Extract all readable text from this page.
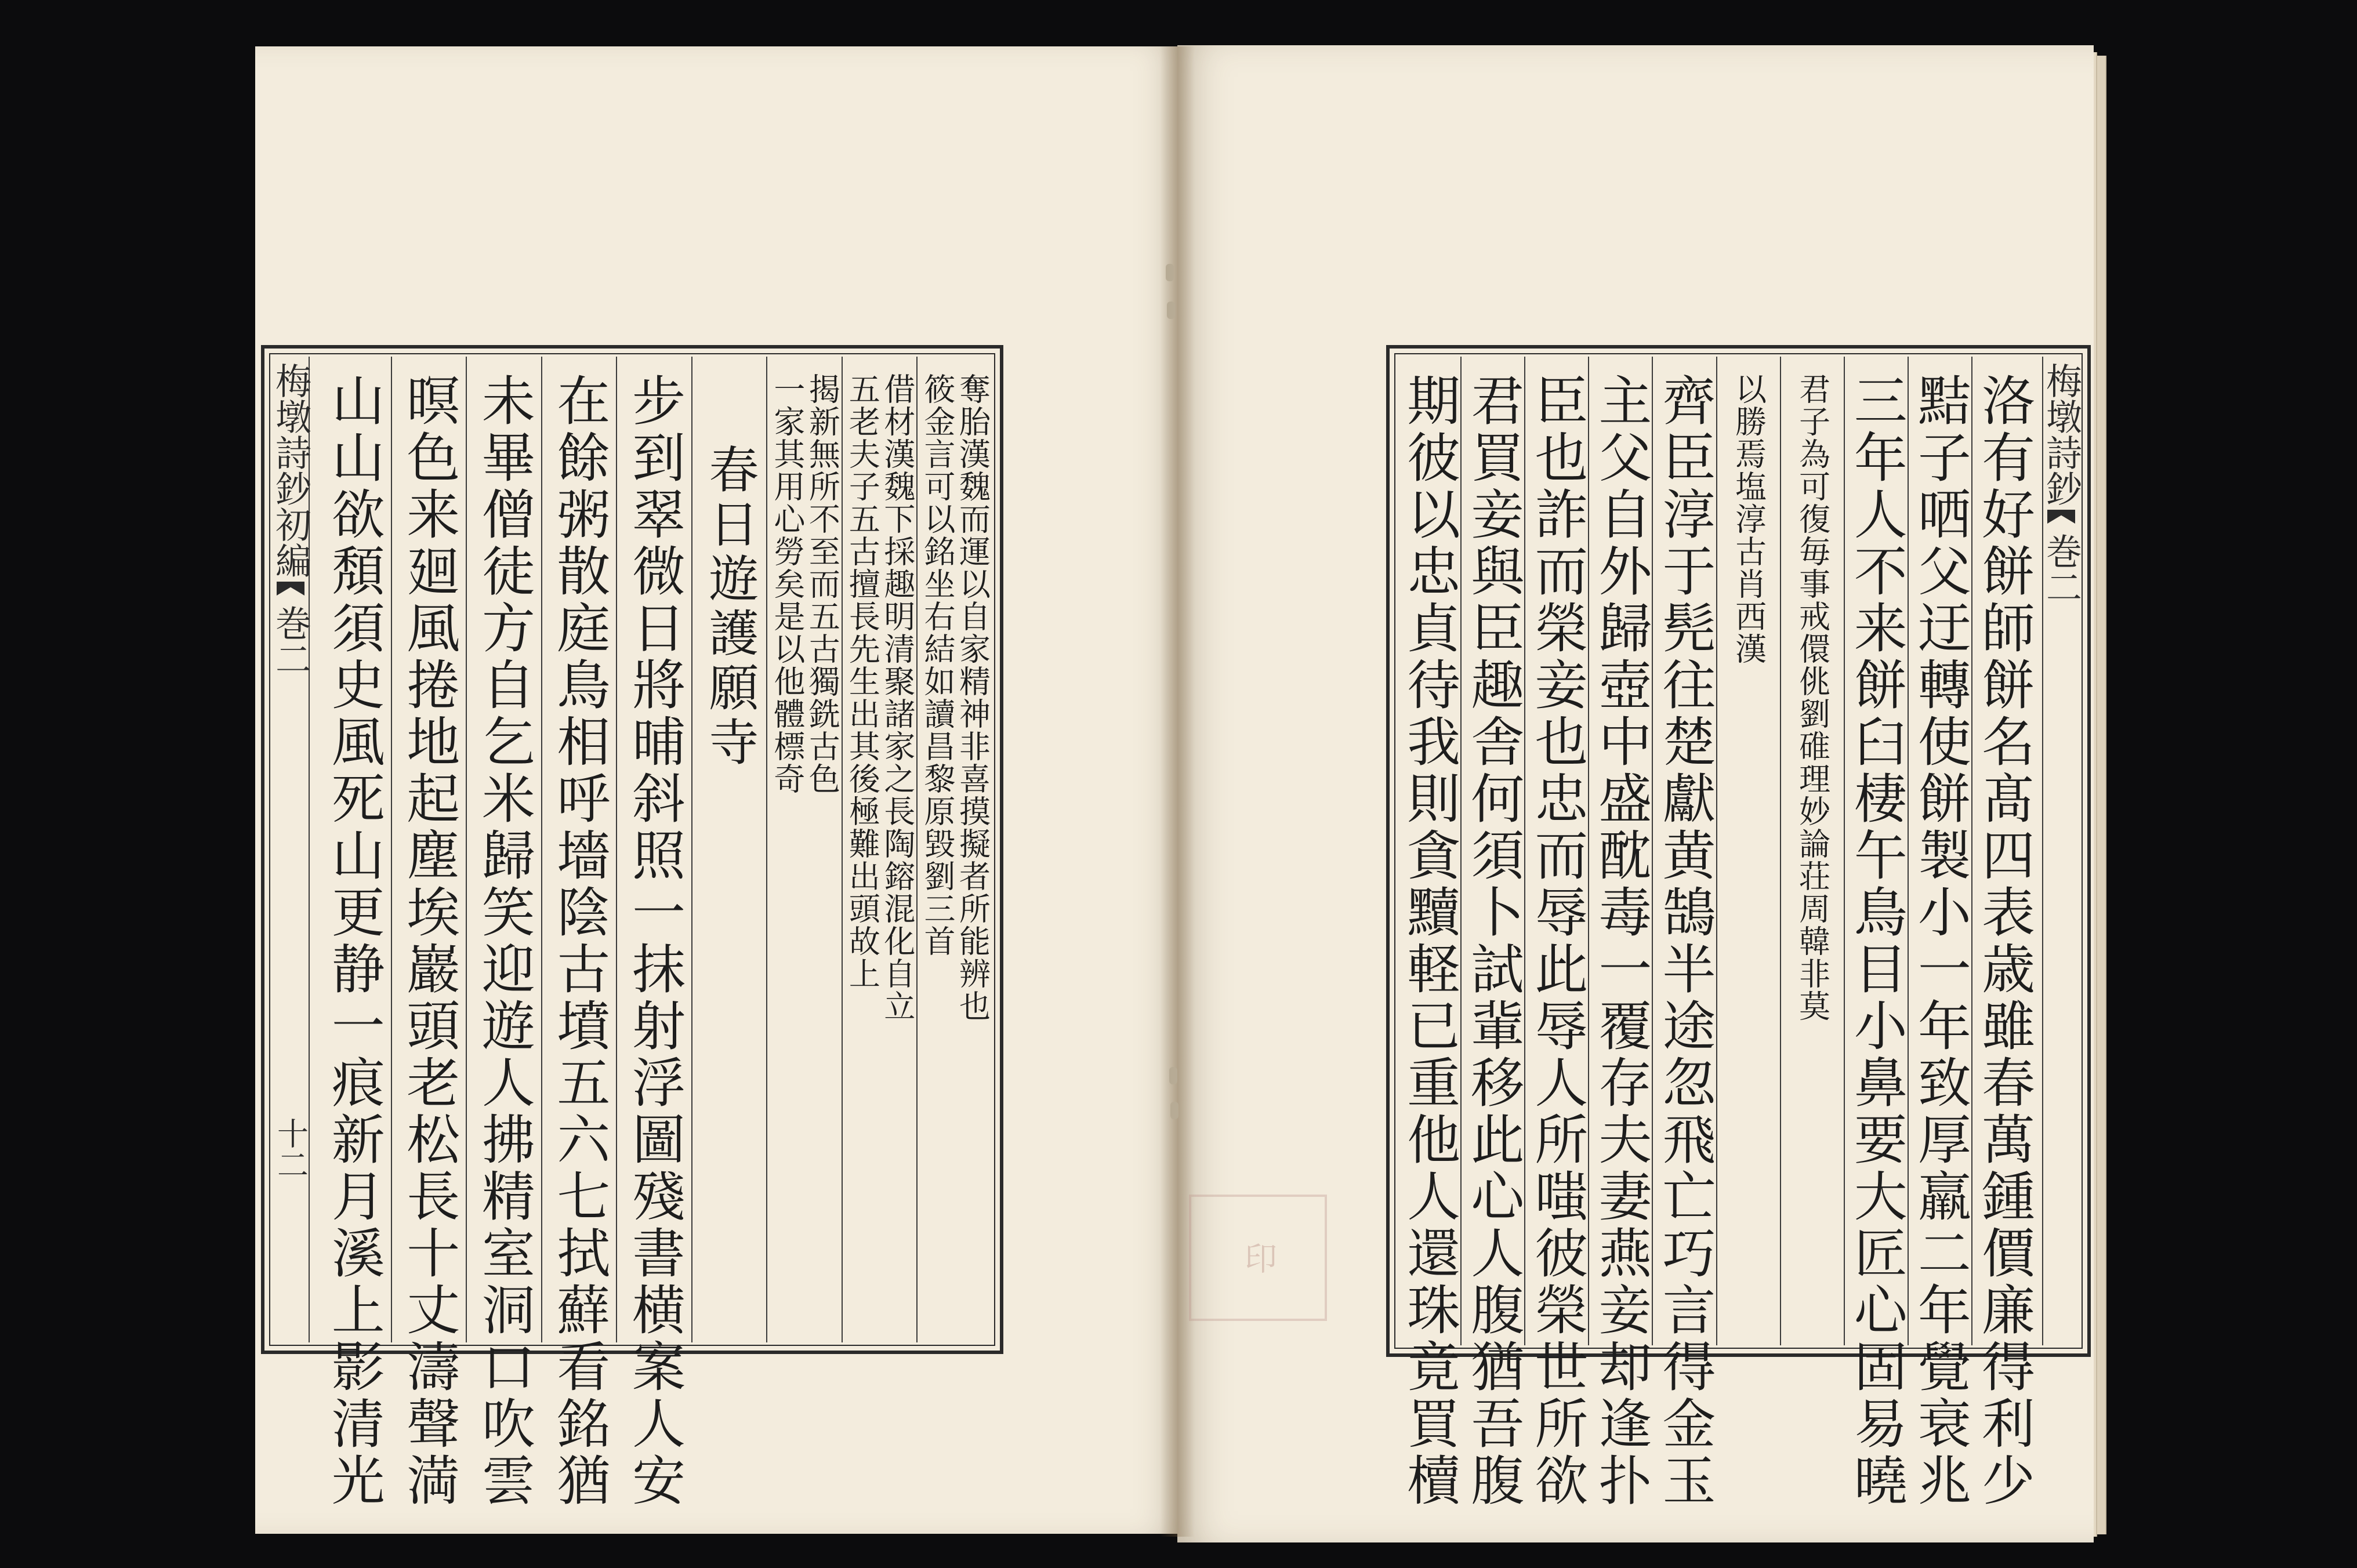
梅墩詩鈔初編
巻二
十二
筱金言可以銘坐右結如讀昌黎原毀劉三首
奪胎漢魏而運以自家精神非喜摸擬者所能辨也
五老夫子五古擅長先生出其後極難出頭故上
借材漢魏下採趣明清聚諸家之長陶鎔混化自立
一家其用心勞矣是以他體標奇
揭新無所不至而五古獨銑古色
春日遊護願寺
步到翠微日將晡斜照一抹射浮圖殘書横案人安
在餘粥散庭鳥相呼墻陰古墳五六七拭蘚看銘猶
未畢僧徒方自乞米歸笑迎遊人拂精室洞口吹雲
暝色来廻風捲地起塵埃巖頭老松長十丈濤聲満
山山欲頽須史風死山更静一痕新月溪上影清光	梅墩詩鈔
巻二
洛有好餅師餅名髙四表歳雖春萬鍾價廉得利少
黠子哂父迂轉使餅製小一年致厚羸二年覺衰兆
三年人不来餅臼棲午鳥目小鼻要大匠心固易曉
君子為可復毎事戒儇佻劉碓理妙論荘周韓非莫
以勝焉塩淳古肖西漢
齊臣淳于髡往楚獻黄鵠半途忽飛亡巧言得金玉
主父自外歸壺中盛酖毒一覆存夫妻燕妾却逢扑
臣也詐而榮妾也忠而辱此辱人所嗤彼榮世所欲
君買妾與臣趣舎何須卜試軰移此心人腹猶吾腹
期彼以忠貞待我則貪黷軽已重他人還珠竟買櫝
印
